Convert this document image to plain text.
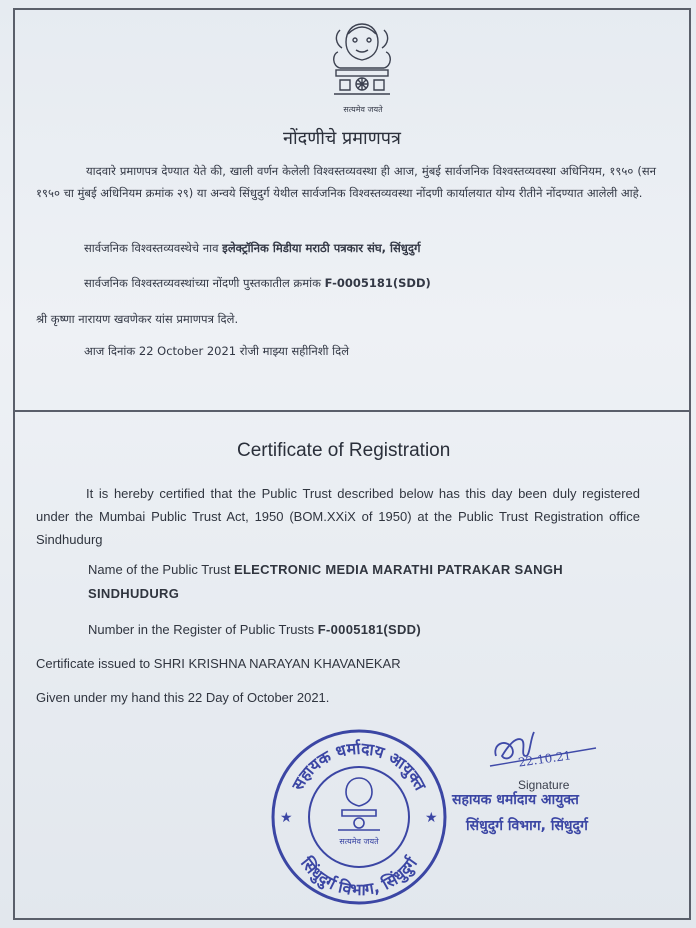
सत्यमेव जयते
नोंदणीचे प्रमाणपत्र
यादवारे प्रमाणपत्र देण्यात येते की, खाली वर्णन केलेली विश्वस्तव्यवस्था ही आज, मुंबई सार्वजनिक विश्वस्तव्यवस्था अधिनियम, १९५० (सन १९५० चा मुंबई अधिनियम क्रमांक २९) या अन्वये सिंधुदुर्ग येथील सार्वजनिक विश्वस्तव्यवस्था नोंदणी कार्यालयात योग्य रीतीने नोंदण्यात आलेली आहे.
सार्वजनिक विश्वस्तव्यवस्थेचे नाव इलेक्ट्रॉनिक मिडीया मराठी पत्रकार संघ, सिंधुदुर्ग
सार्वजनिक विश्वस्तव्यवस्थांच्या नोंदणी पुस्तकातील क्रमांक F-0005181(SDD)
श्री कृष्णा नारायण खवणेकर यांस प्रमाणपत्र दिले.
आज दिनांक 22 October 2021 रोजी माझ्या सहीनिशी दिले
Certificate of Registration
It is hereby certified that the Public Trust described below has this day been duly registered under the Mumbai Public Trust Act, 1950 (BOM.XXiX of 1950) at the Public Trust Registration office Sindhudurg
Name of the Public Trust ELECTRONIC MEDIA MARATHI PATRAKAR SANGH
SINDHUDURG
Number in the Register of Public Trusts F-0005181(SDD)
Certificate issued to SHRI KRISHNA NARAYAN KHAVANEKAR
Given under my hand this 22 Day of October 2021.
सहायक धर्मादाय आयुक्त
सिंधुदुर्ग विभाग, सिंधुदुर्ग
सत्यमेव जयते
★	★
22.10.21
Signature
सहायक धर्मादाय आयुक्त
सिंधुदुर्ग विभाग, सिंधुदुर्ग
